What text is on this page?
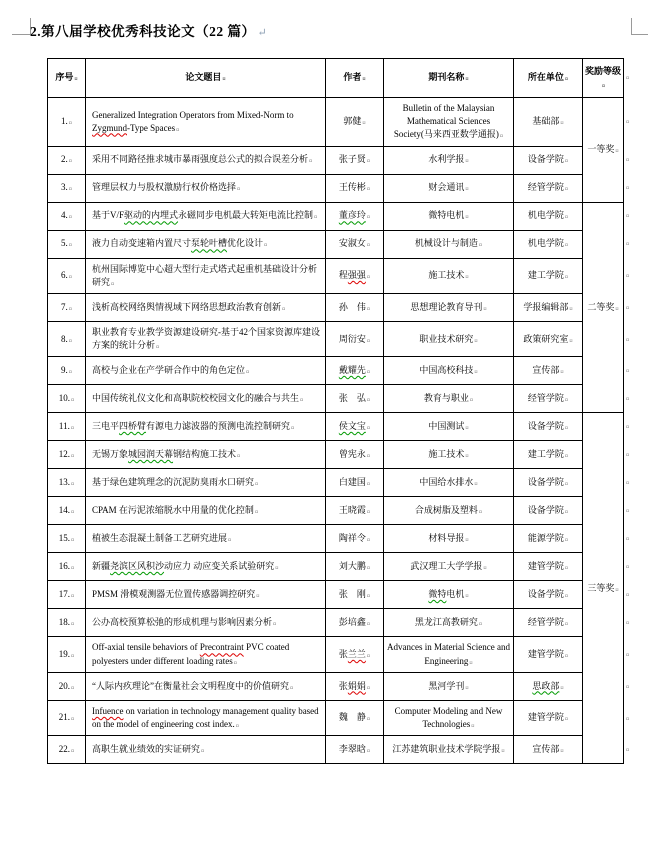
2.第八届学校优秀科技论文（22 篇） ↵
序号 ¤	论文题目 ¤	作者 ¤	期刊名称 ¤	所在单位 ¤	奖励等级 ¤	¤
1. ¤	Generalized Integration Operators from Mixed-Norm to Zygmund-Type Spaces ¤	郭健 ¤	Bulletin of the Malaysian Mathematical Sciences Society(马来西亚数学通报) ¤	基础部 ¤	一等奖 ¤	¤
2. ¤	采用不同路径推求城市暴雨强度总公式的拟合误差分析 ¤	张子贤 ¤	水利学报 ¤	设备学院 ¤	¤
3. ¤	管理层权力与股权激励行权价格选择 ¤	王传彬 ¤	财会通讯 ¤	经管学院 ¤	¤
4. ¤	基于V/F驱动的内埋式永磁同步电机最大转矩电流比控制 ¤	董彦玲 ¤	微特电机 ¤	机电学院 ¤	二等奖 ¤	¤
5. ¤	液力自动变速箱内置尺寸泵轮叶槽优化设计 ¤	安淑女 ¤	机械设计与制造 ¤	机电学院 ¤	¤
6. ¤	杭州国际博览中心超大型行走式塔式起重机基础设计分析研究 ¤	程强强 ¤	施工技术 ¤	建工学院 ¤	¤
7. ¤	浅析高校网络舆情视域下网络思想政治教育创新 ¤	孙　伟 ¤	思想理论教育导刊 ¤	学报编辑部 ¤	¤
8. ¤	职业教育专业教学资源建设研究-基于42个国家资源库建设方案的统计分析 ¤	周衍安 ¤	职业技术研究 ¤	政策研究室 ¤	¤
9. ¤	高校与企业在产学研合作中的角色定位 ¤	戴耀先 ¤	中国高校科技 ¤	宣传部 ¤	¤
10. ¤	中国传统礼仪文化和高职院校校园文化的融合与共生 ¤	张　弘 ¤	教育与职业 ¤	经管学院 ¤	¤
11. ¤	三电平四桥臂有源电力滤波器的预测电流控制研究 ¤	侯文宝 ¤	中国测试 ¤	设备学院 ¤	三等奖 ¤	¤
12. ¤	无锡万象城园润天幕钢结构施工技术 ¤	曾宪永 ¤	施工技术 ¤	建工学院 ¤	¤
13. ¤	基于绿色建筑理念的沉泥防臭雨水口研究 ¤	白建国 ¤	中国给水排水 ¤	设备学院 ¤	¤
14. ¤	CPAM 在污泥浓缩脱水中用量的优化控制 ¤	王晓霞 ¤	合成树脂及塑料 ¤	设备学院 ¤	¤
15. ¤	植被生态混凝土制备工艺研究进展 ¤	陶祥令 ¤	材料导报 ¤	能源学院 ¤	¤
16. ¤	新疆尧滨区风积沙动应力 动应变关系试验研究 ¤	刘大鹏 ¤	武汉理工大学学报 ¤	建管学院 ¤	¤
17. ¤	PMSM 滑模观测器无位置传感器调控研究 ¤	张　刚 ¤	微特电机 ¤	设备学院 ¤	¤
18. ¤	公办高校预算松弛的形成机理与影响因素分析 ¤	彭培鑫 ¤	黑龙江高教研究 ¤	经管学院 ¤	¤
19. ¤	Off-axial tensile behaviors of Precontraint PVC coated polyesters under different loading rates ¤	张兰兰 ¤	Advances in Material Science and Engineering ¤	建管学院 ¤	¤
20. ¤	“人际内疚理论”在衡量社会文明程度中的价值研究 ¤	张娟娟 ¤	黑河学刊 ¤	思政部 ¤	¤
21. ¤	Infuence on variation in technology management quality based on the model of engineering cost index. ¤	魏　静 ¤	Computer Modeling and New Technologies ¤	建管学院 ¤	¤
22. ¤	高职生就业绩效的实证研究 ¤	李翠晗 ¤	江苏建筑职业技术学院学报 ¤	宣传部 ¤	¤
